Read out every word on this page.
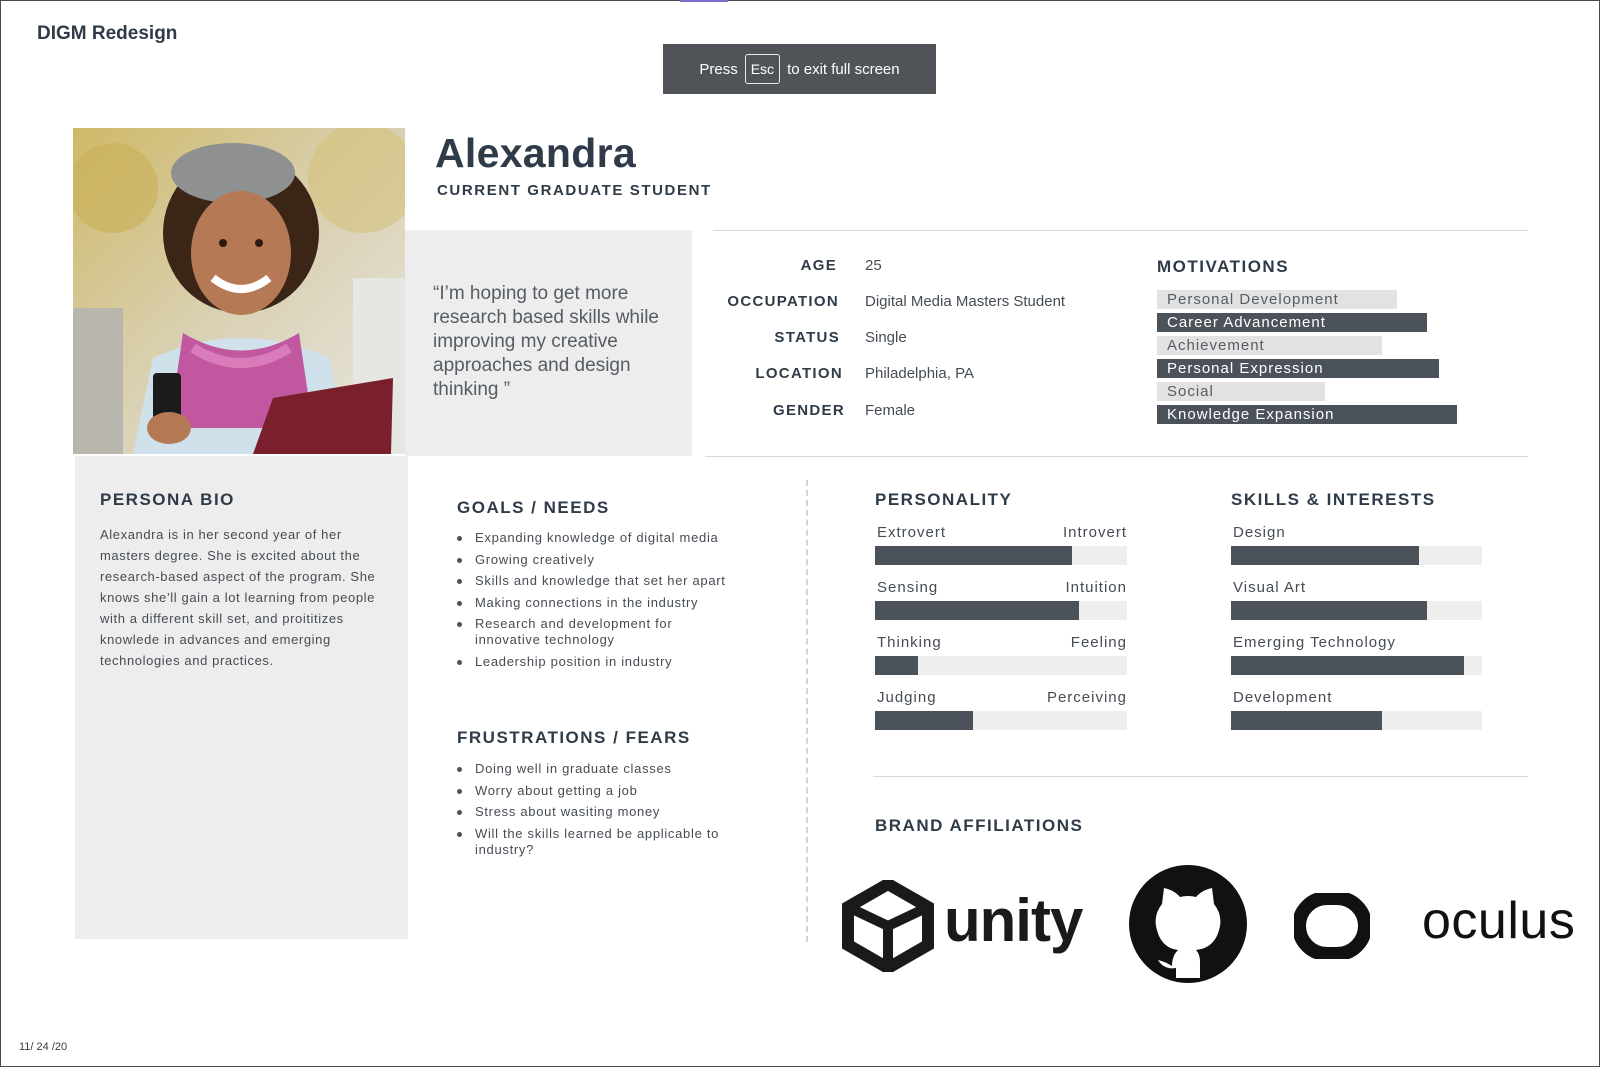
DIGM Redesign
Press Esc to exit full screen
Alexandra
CURRENT GRADUATE STUDENT
“I’m hoping to get more research based skills while improving my creative approaches and design thinking ”
AGE 25
OCCUPATION Digital Media Masters Student
STATUS Single
LOCATION Philadelphia, PA
GENDER Female
MOTIVATIONS
Personal Development
Career Advancement
Achievement
Personal Expression
Social
Knowledge Expansion
PERSONA BIO
Alexandra is in her second year of her masters degree. She is excited about the research-based aspect of the program. She knows she’ll gain a lot learning from people with a different skill set, and proititizes knowlede in advances and emerging technologies and practices.
GOALS / NEEDS
Expanding knowledge of digital media
Growing creatively
Skills and knowledge that set her apart
Making connections in the industry
Research and development for innovative technology
Leadership position in industry
FRUSTRATIONS / FEARS
Doing well in graduate classes
Worry about getting a job
Stress about wasiting money
Will the skills learned be applicable to industry?
PERSONALITY
Extrovert	Introvert
Sensing	Intuition
Thinking	Feeling
Judging	Perceiving
SKILLS & INTERESTS
Design
Visual Art
Emerging Technology
Development
BRAND AFFILIATIONS
unity	oculus
11/ 24 /20
